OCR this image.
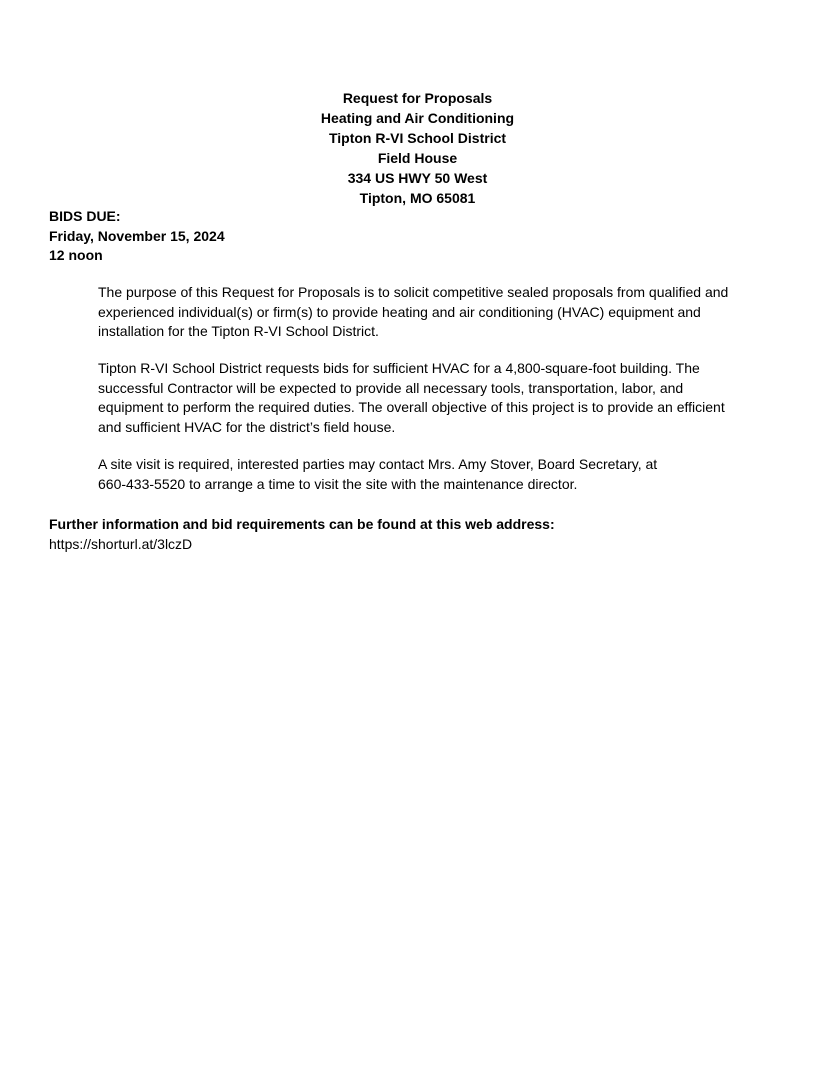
Request for Proposals
Heating and Air Conditioning
Tipton R-VI School District
Field House
334 US HWY 50 West
Tipton, MO 65081
BIDS DUE:
Friday, November 15, 2024
12 noon
The purpose of this Request for Proposals is to solicit competitive sealed proposals from qualified and
experienced individual(s) or firm(s) to provide heating and air conditioning (HVAC) equipment and
installation for the Tipton R-VI School District.
Tipton R-VI School District requests bids for sufficient HVAC for a 4,800-square-foot building. The
successful Contractor will be expected to provide all necessary tools, transportation, labor, and
equipment to perform the required duties. The overall objective of this project is to provide an efficient
and sufficient HVAC for the district’s field house.
A site visit is required, interested parties may contact Mrs. Amy Stover, Board Secretary, at
660-433-5520 to arrange a time to visit the site with the maintenance director.
Further information and bid requirements can be found at this web address:
https://shorturl.at/3lczD
